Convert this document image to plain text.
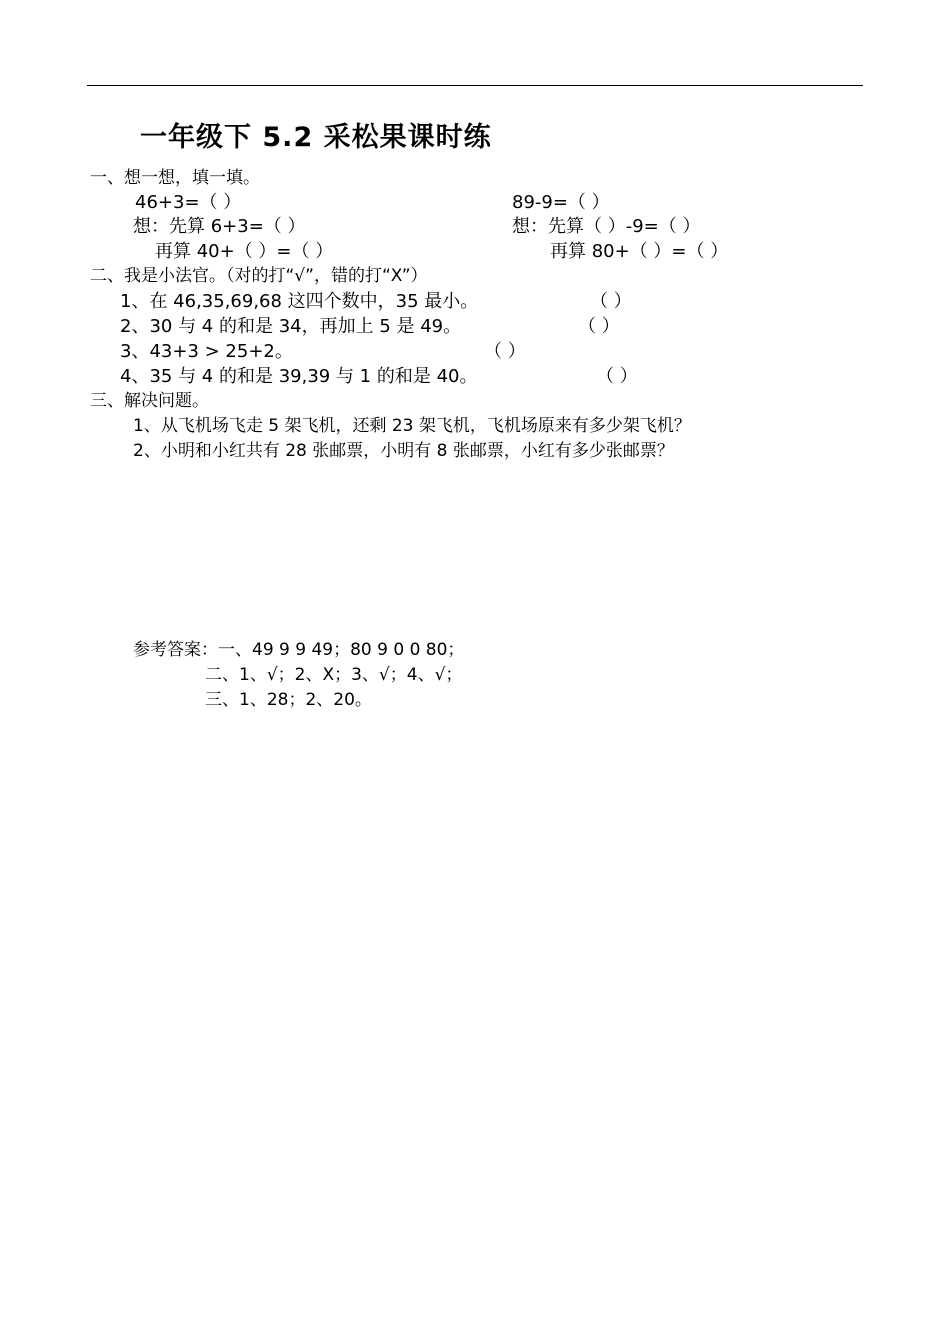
一年级下 5.2 采松果课时练
一、想一想，填一填。
46+3=（ ）
想：先算 6+3=（ ）
再算 40+（ ）=（ ）
89-9=（ ）
想：先算（ ）-9=（ ）
再算 80+（ ）=（ ）
二、我是小法官。（对的打“√”，错的打“X”）
1、在 46,35,69,68 这四个数中，35 最小。	（ ）
2、30 与 4 的和是 34，再加上 5 是 49。	（ ）
3、43+3 > 25+2。	（ ）
4、35 与 4 的和是 39,39 与 1 的和是 40。	（ ）
三、解决问题。
1、从飞机场飞走 5 架飞机，还剩 23 架飞机，飞机场原来有多少架飞机？
2、小明和小红共有 28 张邮票，小明有 8 张邮票，小红有多少张邮票？
参考答案：一、49 9 9 49；80 9 0 0 80；
二、1、√；2、X；3、√；4、√；
三、1、28；2、20。
